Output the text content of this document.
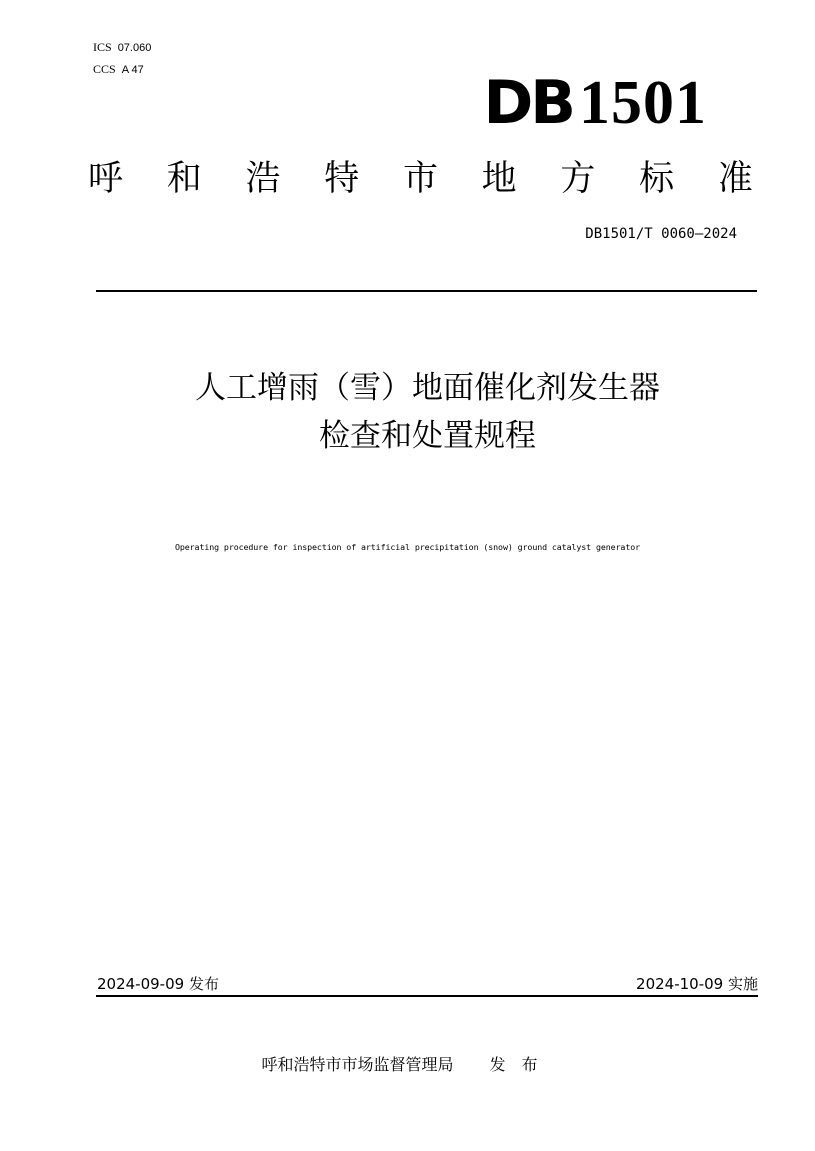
ICS 07.060
CCS A 47	DB1501
呼 和 浩 特 市 地 方 标 准
DB1501/T 0060—2024
人工增雨（雪）地面催化剂发生器
检查和处置规程
Operating procedure for inspection of artificial precipitation (snow) ground catalyst generator
2024-09-09 发布	2024-10-09 实施
呼和浩特市市场监督管理局 发布
